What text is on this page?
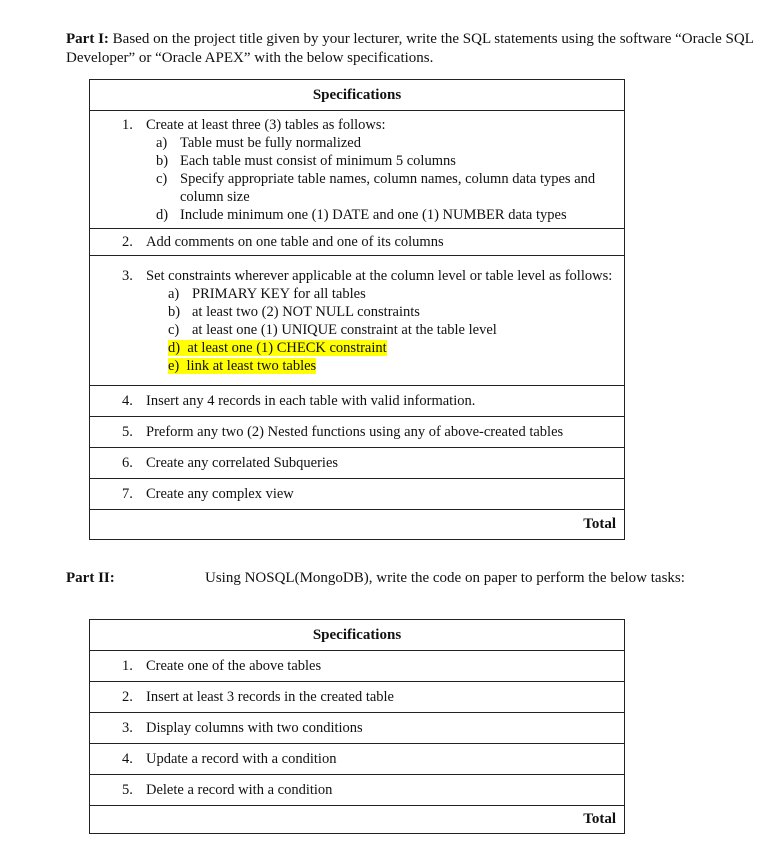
Part I: Based on the project title given by your lecturer, write the SQL statements using the software “Oracle SQL Developer” or “Oracle APEX” with the below specifications.
Specifications

1. Create at least three (3) tables as follows:
a) Table must be fully normalized
b) Each table must consist of minimum 5 columns
c) Specify appropriate table names, column names, column data types and column size
d) Include minimum one (1) DATE and one (1) NUMBER data types

2. Add comments on one table and one of its columns

3. Set constraints wherever applicable at the column level or table level as follows:
a) PRIMARY KEY for all tables
b) at least two (2) NOT NULL constraints
c) at least one (1) UNIQUE constraint at the table level
d) at least one (1) CHECK constraint
e) link at least two tables

4. Insert any 4 records in each table with valid information.

5. Preform any two (2) Nested functions using any of above-created tables

6. Create any correlated Subqueries

7. Create any complex view

Total
Part II:	Using NOSQL(MongoDB), write the code on paper to perform the below tasks:
Specifications

1. Create one of the above tables

2. Insert at least 3 records in the created table

3. Display columns with two conditions

4. Update a record with a condition

5. Delete a record with a condition

Total
